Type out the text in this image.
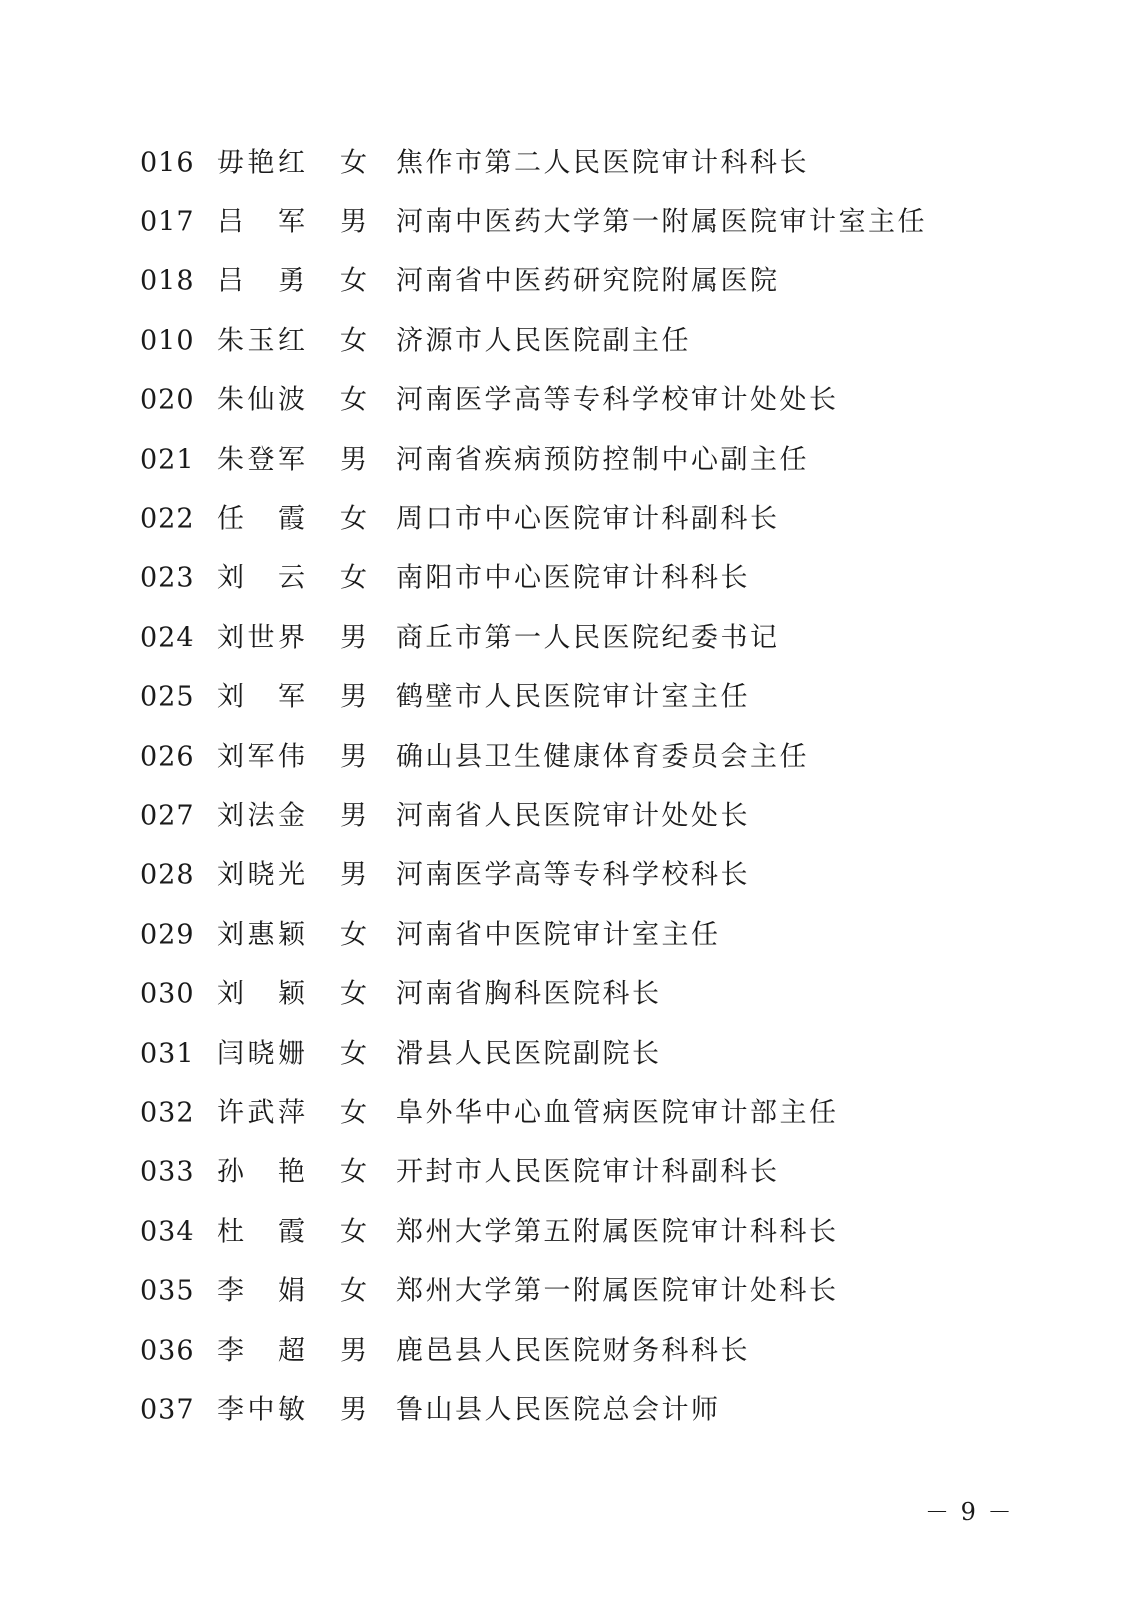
016 毋艳红 女 焦作市第二人民医院审计科科长
017 吕　军 男 河南中医药大学第一附属医院审计室主任
018 吕　勇 女 河南省中医药研究院附属医院
010 朱玉红 女 济源市人民医院副主任
020 朱仙波 女 河南医学高等专科学校审计处处长
021 朱登军 男 河南省疾病预防控制中心副主任
022 任　霞 女 周口市中心医院审计科副科长
023 刘　云 女 南阳市中心医院审计科科长
024 刘世界 男 商丘市第一人民医院纪委书记
025 刘　军 男 鹤壁市人民医院审计室主任
026 刘军伟 男 确山县卫生健康体育委员会主任
027 刘法金 男 河南省人民医院审计处处长
028 刘晓光 男 河南医学高等专科学校科长
029 刘惠颖 女 河南省中医院审计室主任
030 刘　颖 女 河南省胸科医院科长
031 闫晓姗 女 滑县人民医院副院长
032 许武萍 女 阜外华中心血管病医院审计部主任
033 孙　艳 女 开封市人民医院审计科副科长
034 杜　霞 女 郑州大学第五附属医院审计科科长
035 李　娟 女 郑州大学第一附属医院审计处科长
036 李　超 男 鹿邑县人民医院财务科科长
037 李中敏 男 鲁山县人民医院总会计师
－ 9 －
